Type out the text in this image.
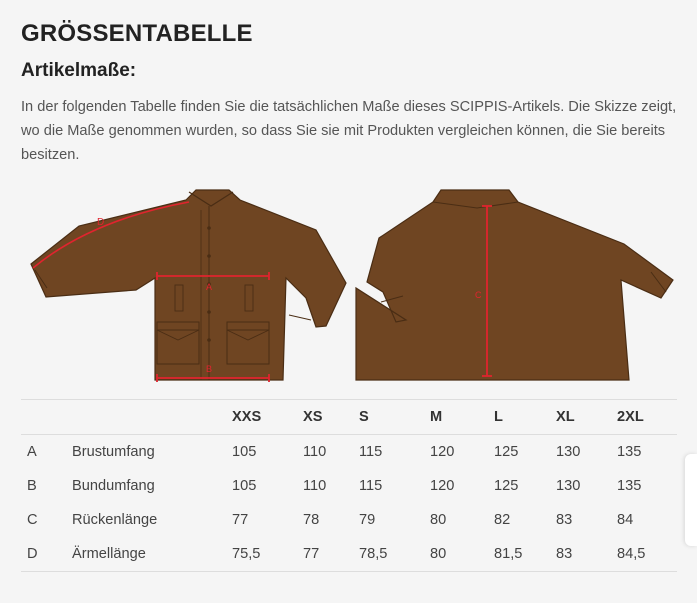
GRÖSSENTABELLE
Artikelmaße:

In der folgenden Tabelle finden Sie die tatsächlichen Maße dieses SCIPPIS-Artikels. Die Skizze zeigt, wo die Maße genommen wurden, so dass Sie sie mit Produkten vergleichen können, die Sie bereits besitzen.

A
B
D
C
		XXS	XS	S	M	L	XL	2XL
A	Brustumfang	105	110	115	120	125	130	135
B	Bundumfang	105	110	115	120	125	130	135
C	Rückenlänge	77	78	79	80	82	83	84
D	Ärmellänge	75,5	77	78,5	80	81,5	83	84,5
